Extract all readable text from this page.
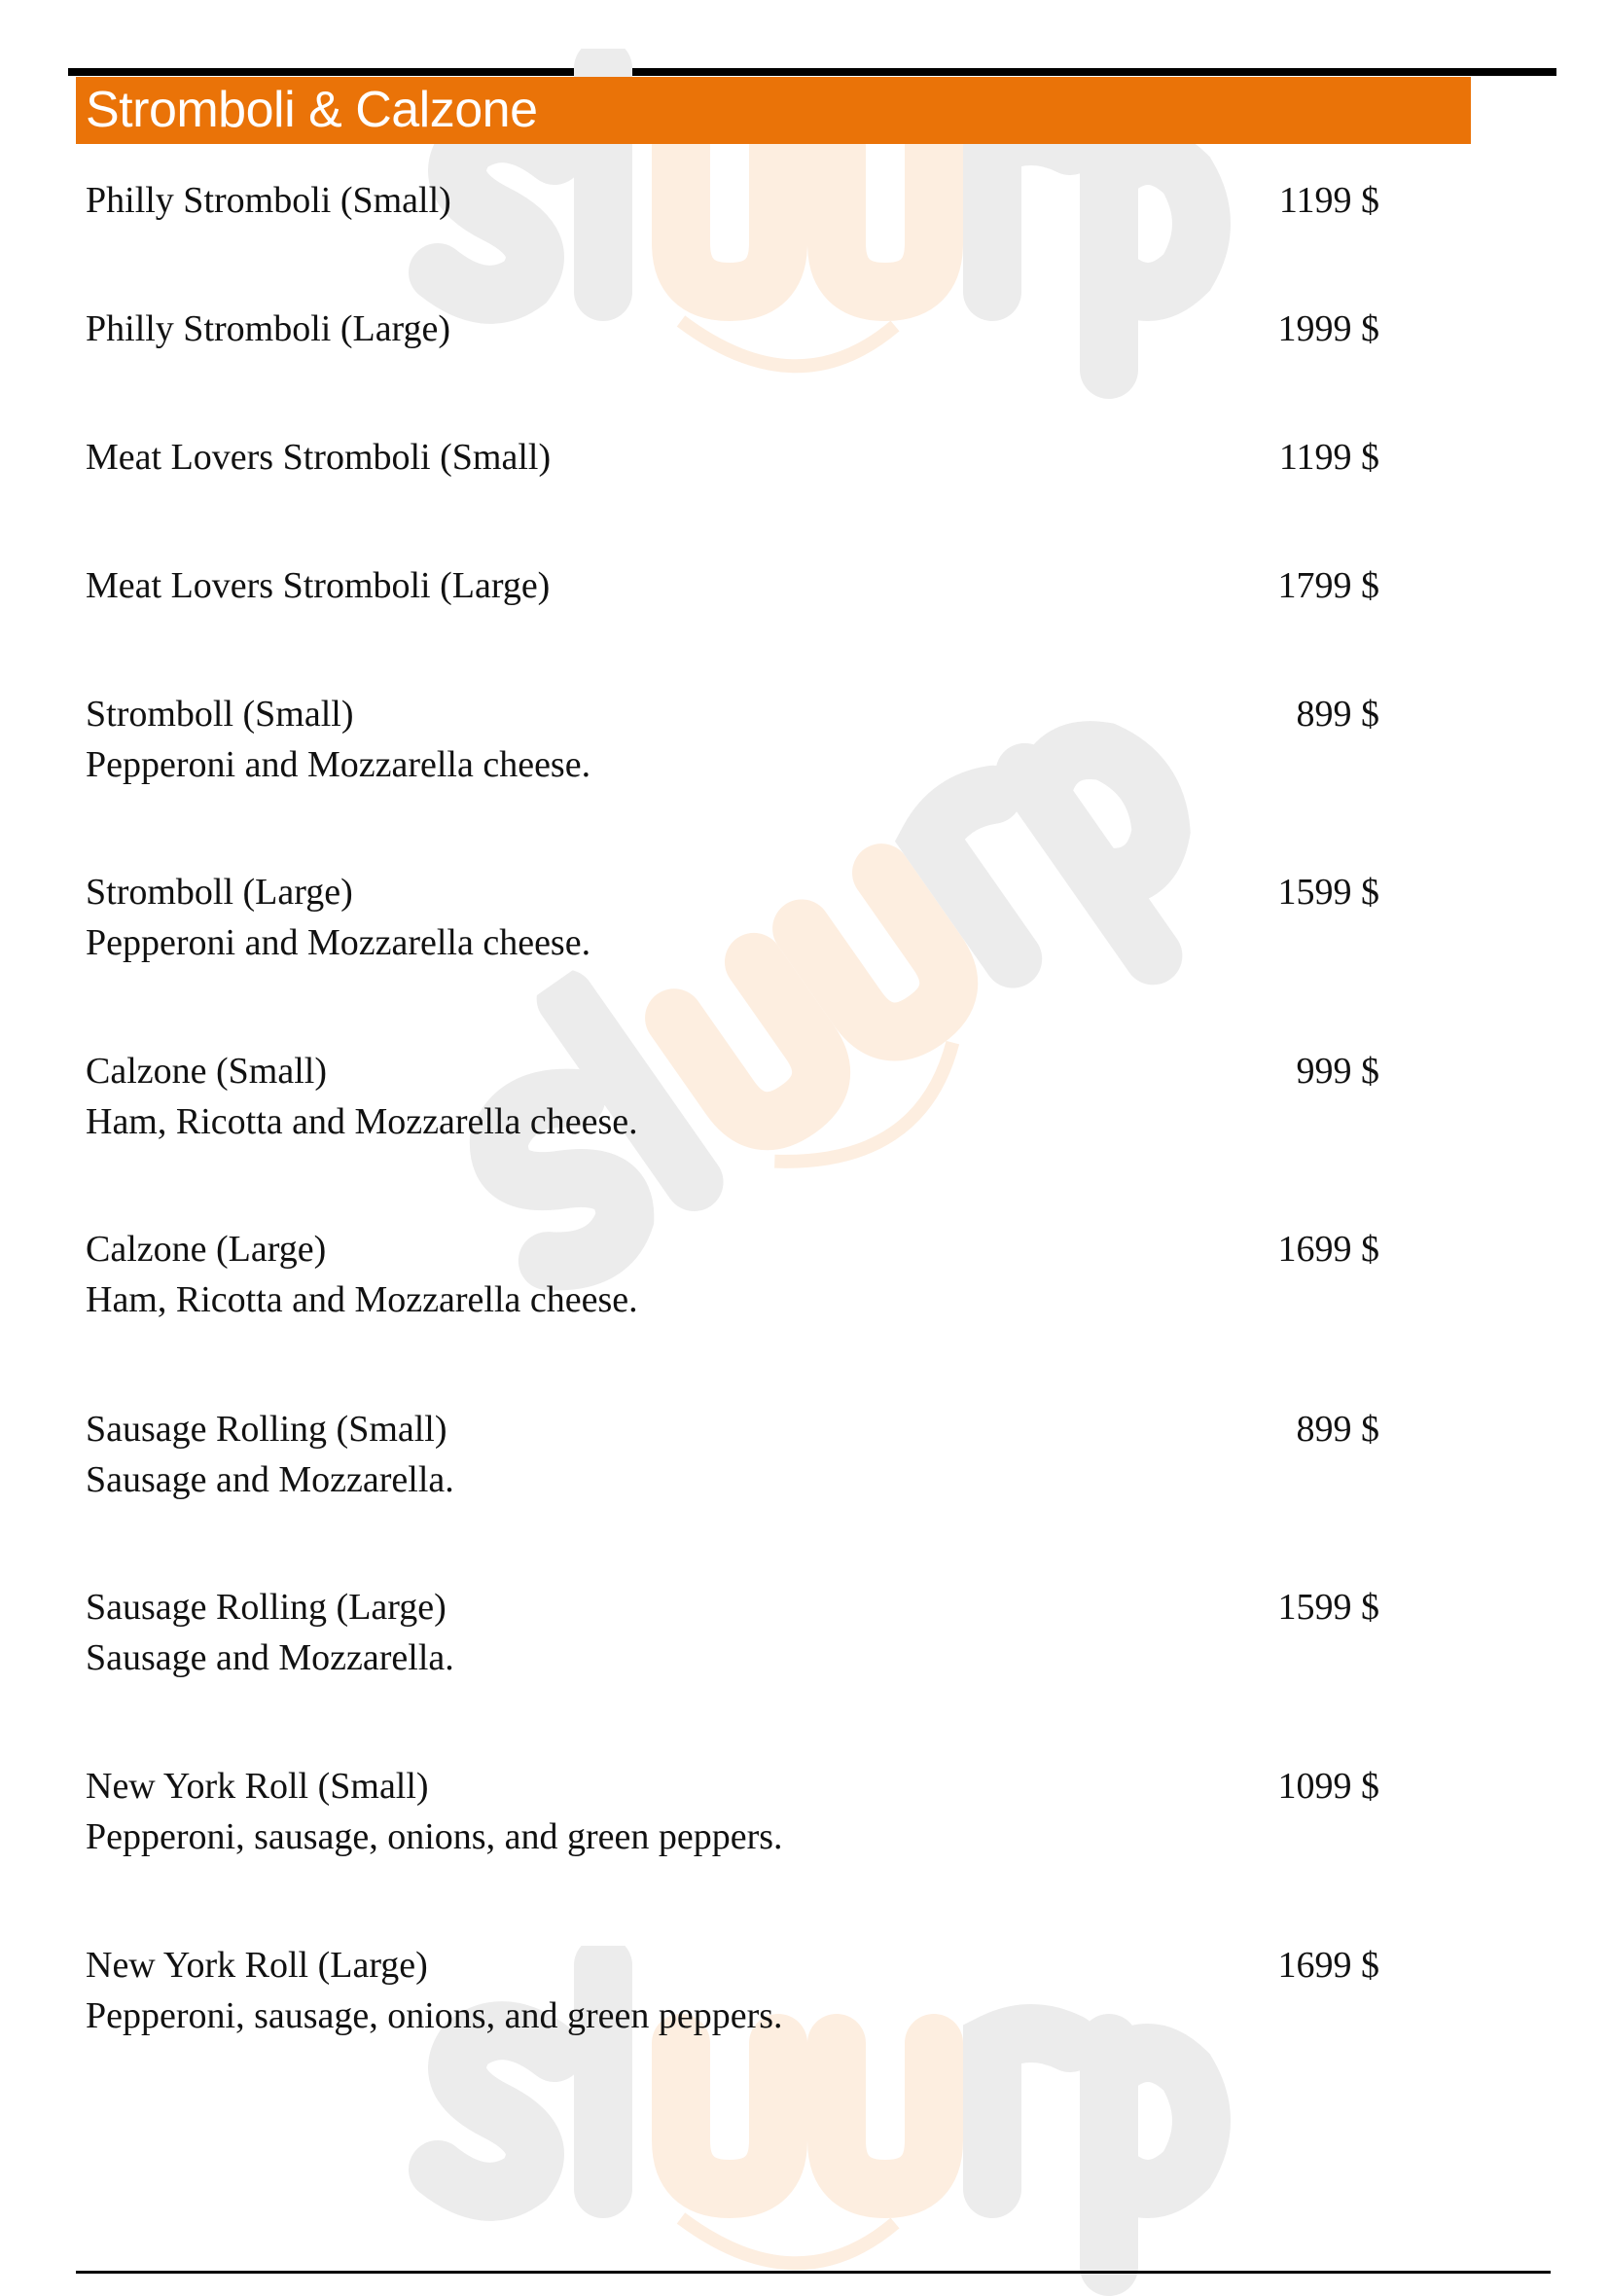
Stromboli & Calzone
Philly Stromboli (Small)	1199 $
Philly Stromboli (Large)	1999 $
Meat Lovers Stromboli (Small)	1199 $
Meat Lovers Stromboli (Large)	1799 $
Stromboll (Small)	899 $
Pepperoni and Mozzarella cheese.
Stromboll (Large)	1599 $
Pepperoni and Mozzarella cheese.
Calzone (Small)	999 $
Ham, Ricotta and Mozzarella cheese.
Calzone (Large)	1699 $
Ham, Ricotta and Mozzarella cheese.
Sausage Rolling (Small)	899 $
Sausage and Mozzarella.
Sausage Rolling (Large)	1599 $
Sausage and Mozzarella.
New York Roll (Small)	1099 $
Pepperoni, sausage, onions, and green peppers.
New York Roll (Large)	1699 $
Pepperoni, sausage, onions, and green peppers.
